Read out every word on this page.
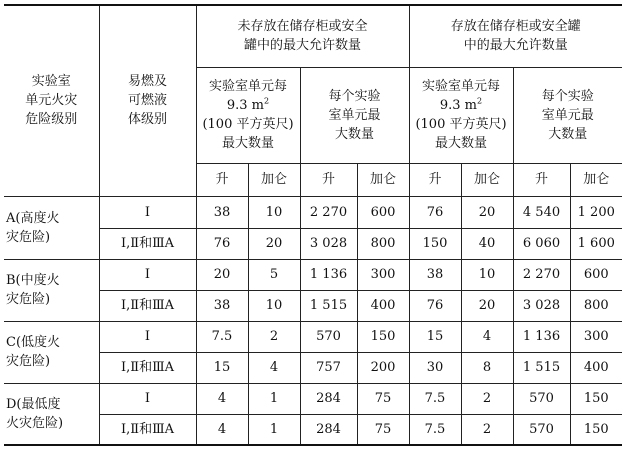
实验室
单元火灾
危险级别	易燃及
可燃液
体级别	未存放在储存柜或安全
罐中的最大允许数量				存放在储存柜或安全罐
中的最大允许数量			
		实验室单元每
9.3 $m^2$
(100 平方英尺)
最大数量		每个实验
室单元最
大数量		实验室单元每
9.3 $m^2$
(100 平方英尺)
最大数量		每个实验
室单元最
大数量	
		升	加仑	升	加仑	升	加仑	升	加仑
A(高度火
灾危险)	Ⅰ	38	10	2 270	600	76	20	4 540	1 200
	Ⅰ,Ⅱ和ⅢA	76	20	3 028	800	150	40	6 060	1 600
B(中度火
灾危险)	Ⅰ	20	5	1 136	300	38	10	2 270	600
	Ⅰ,Ⅱ和ⅢA	38	10	1 515	400	76	20	3 028	800
C(低度火
灾危险)	Ⅰ	7.5	2	570	150	15	4	1 136	300
	Ⅰ,Ⅱ和ⅢA	15	4	757	200	30	8	1 515	400
D(最低度
火灾危险)	Ⅰ	4	1	284	75	7.5	2	570	150
	Ⅰ,Ⅱ和ⅢA	4	1	284	75	7.5	2	570	150
